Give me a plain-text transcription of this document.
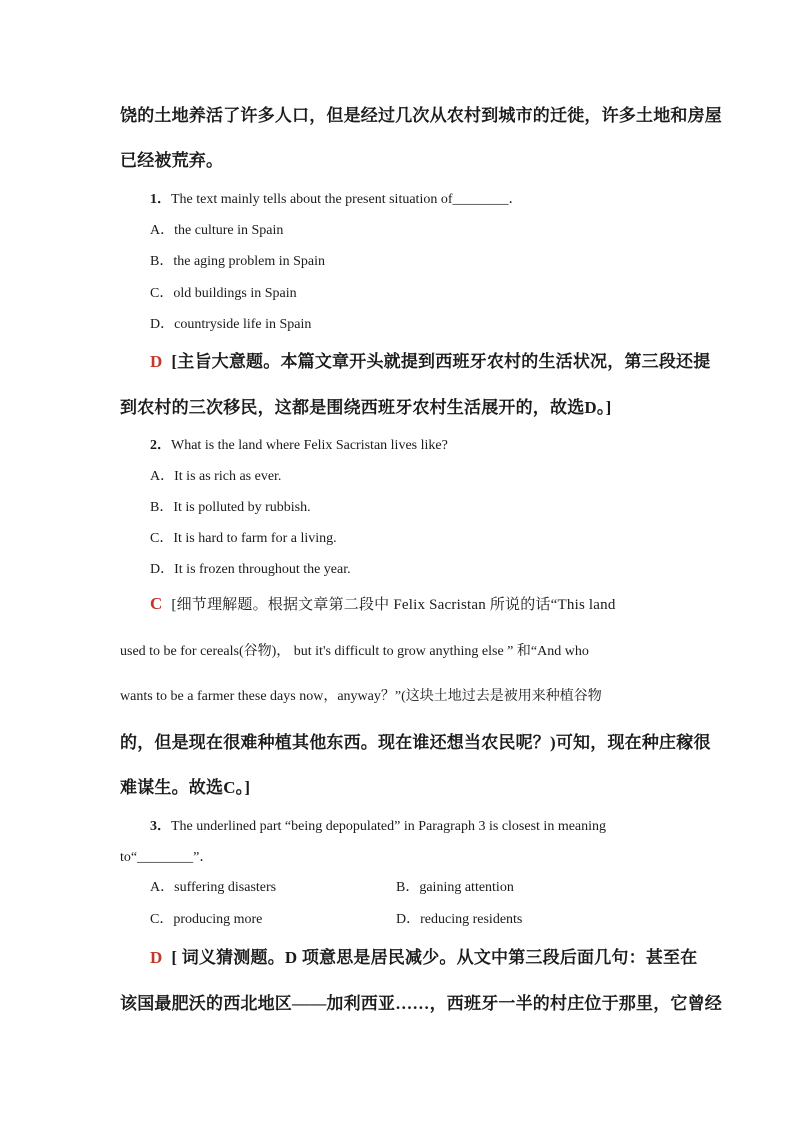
饶的土地养活了许多人口，但是经过几次从农村到城市的迁徙，许多土地和房屋
已经被荒弃。
1．The text mainly tells about the present situation of________．
A．the culture in Spain
B．the aging problem in Spain
C．old buildings in Spain
D．countryside life in Spain
D [主旨大意题。本篇文章开头就提到西班牙农村的生活状况，第三段还提
到农村的三次移民，这都是围绕西班牙农村生活展开的，故选D。]
2．What is the land where Felix Sacristan lives like?
A．It is as rich as ever.
B．It is polluted by rubbish.
C．It is hard to farm for a living.
D．It is frozen throughout the year.
C [细节理解题。根据文章第二段中 Felix Sacristan 所说的话“This land
used to be for cereals(谷物)， but it's difficult to grow anything else ” 和“And who
wants to be a farmer these days now，anyway？”(这块土地过去是被用来种植谷物
的，但是现在很难种植其他东西。现在谁还想当农民呢？)可知，现在种庄稼很
难谋生。故选C。]
3．The underlined part “being depopulated” in Paragraph 3 is closest in meaning
to“________”．
A．suffering disasters	B．gaining attention
C．producing more	D．reducing residents
D [ 词义猜测题。D 项意思是居民减少。从文中第三段后面几句：甚至在
该国最肥沃的西北地区——加利西亚……，西班牙一半的村庄位于那里，它曾经
